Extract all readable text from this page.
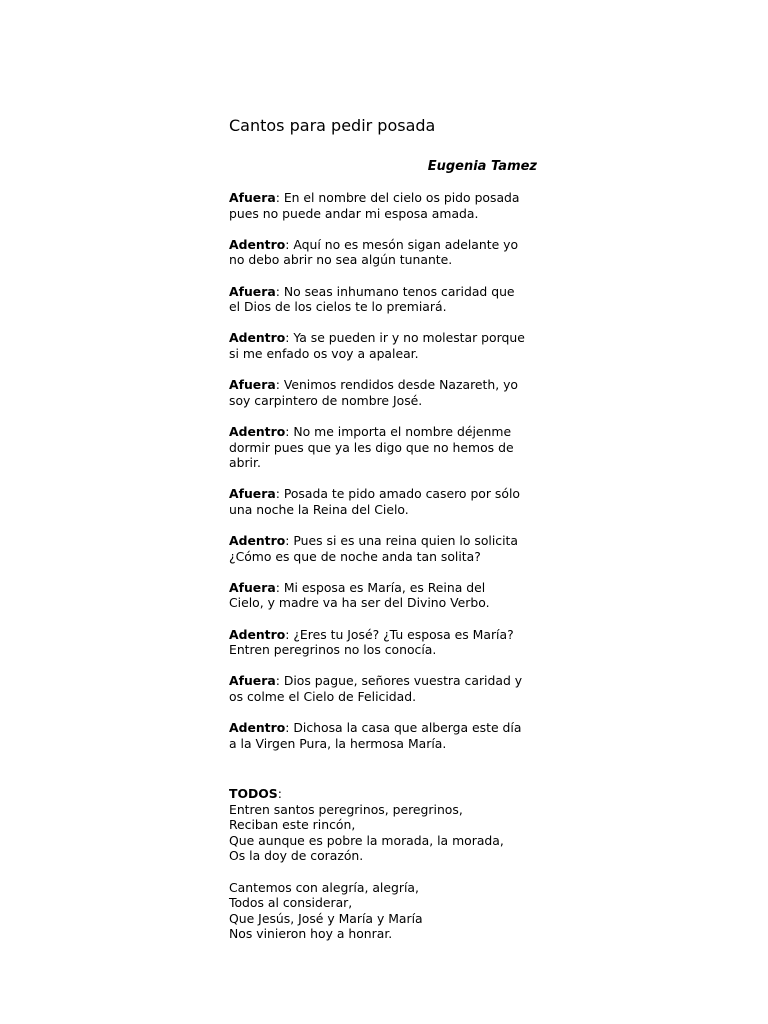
Cantos para pedir posada
Eugenia Tamez
Afuera: En el nombre del cielo os pido posada
pues no puede andar mi esposa amada.
Adentro: Aquí no es mesón sigan adelante yo
no debo abrir no sea algún tunante.
Afuera: No seas inhumano tenos caridad que
el Dios de los cielos te lo premiará.
Adentro: Ya se pueden ir y no molestar porque
si me enfado os voy a apalear.
Afuera: Venimos rendidos desde Nazareth, yo
soy carpintero de nombre José.
Adentro: No me importa el nombre déjenme
dormir pues que ya les digo que no hemos de
abrir.
Afuera: Posada te pido amado casero por sólo
una noche la Reina del Cielo.
Adentro: Pues si es una reina quien lo solicita
¿Cómo es que de noche anda tan solita?
Afuera: Mi esposa es María, es Reina del
Cielo, y madre va ha ser del Divino Verbo.
Adentro: ¿Eres tu José? ¿Tu esposa es María?
Entren peregrinos no los conocía.
Afuera: Dios pague, señores vuestra caridad y
os colme el Cielo de Felicidad.
Adentro: Dichosa la casa que alberga este día
a la Virgen Pura, la hermosa María.
TODOS:
Entren santos peregrinos, peregrinos,
Reciban este rincón,
Que aunque es pobre la morada, la morada,
Os la doy de corazón.
Cantemos con alegría, alegría,
Todos al considerar,
Que Jesús, José y María y María
Nos vinieron hoy a honrar.
